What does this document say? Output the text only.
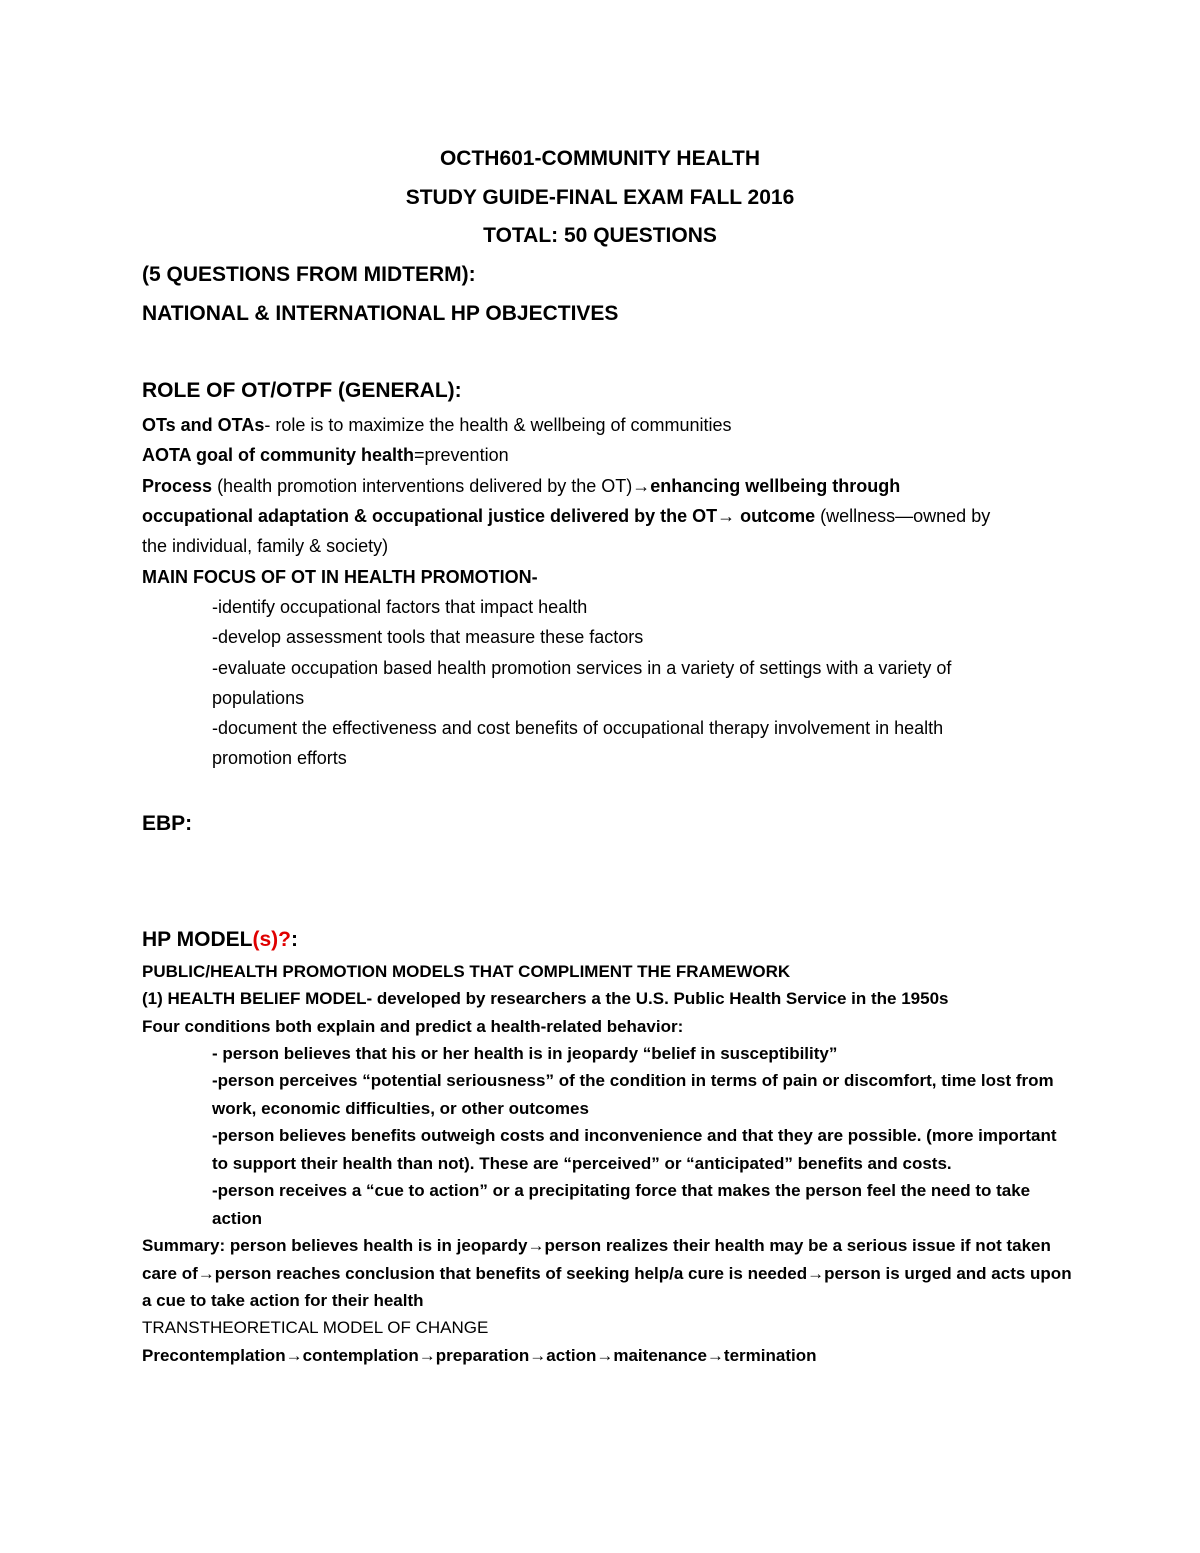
OCTH601-COMMUNITY HEALTH
STUDY GUIDE-FINAL EXAM FALL 2016
TOTAL: 50 QUESTIONS
(5 QUESTIONS FROM MIDTERM):
NATIONAL & INTERNATIONAL HP OBJECTIVES
ROLE OF OT/OTPF (GENERAL):
OTs and OTAs- role is to maximize the health & wellbeing of communities
AOTA goal of community health=prevention
Process (health promotion interventions delivered by the OT)→enhancing wellbeing through
occupational adaptation & occupational justice delivered by the OT→ outcome (wellness—owned by
the individual, family & society)
MAIN FOCUS OF OT IN HEALTH PROMOTION-
-identify occupational factors that impact health
-develop assessment tools that measure these factors
-evaluate occupation based health promotion services in a variety of settings with a variety of
populations
-document the effectiveness and cost benefits of occupational therapy involvement in health
promotion efforts
EBP:
HP MODEL(s)?:
PUBLIC/HEALTH PROMOTION MODELS THAT COMPLIMENT THE FRAMEWORK
(1) HEALTH BELIEF MODEL- developed by researchers a the U.S. Public Health Service in the 1950s
Four conditions both explain and predict a health-related behavior:
- person believes that his or her health is in jeopardy “belief in susceptibility”
-person perceives “potential seriousness” of the condition in terms of pain or discomfort, time lost from
work, economic difficulties, or other outcomes
-person believes benefits outweigh costs and inconvenience and that they are possible. (more important
to support their health than not). These are “perceived” or “anticipated” benefits and costs.
-person receives a “cue to action” or a precipitating force that makes the person feel the need to take
action
Summary: person believes health is in jeopardy→person realizes their health may be a serious issue if not taken
care of→person reaches conclusion that benefits of seeking help/a cure is needed→person is urged and acts upon
a cue to take action for their health
TRANSTHEORETICAL MODEL OF CHANGE
Precontemplation→contemplation→preparation→action→maitenance→termination
